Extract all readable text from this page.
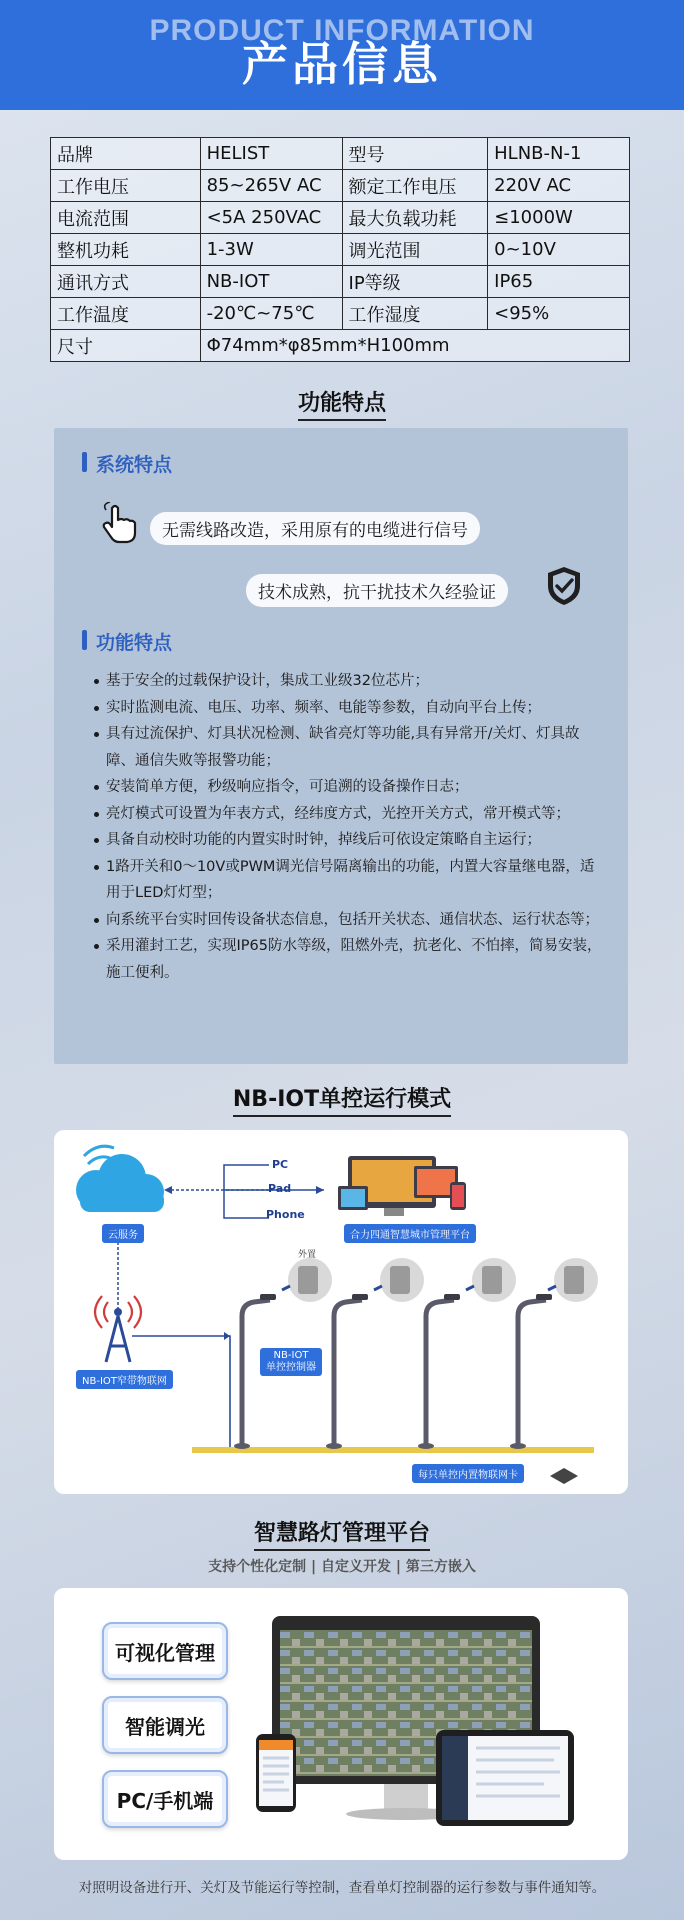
PRODUCT INFORMATION
产品信息
品牌	HELIST	型号	HLNB-N-1
工作电压	85~265V AC	额定工作电压	220V AC
电流范围	<5A 250VAC	最大负载功耗	≤1000W
整机功耗	1-3W	调光范围	0~10V
通讯方式	NB-IOT	IP等级	IP65
工作温度	-20℃~75℃	工作湿度	<95%
尺寸	Φ74mm*φ85mm*H100mm		
功能特点
系统特点
无需线路改造，采用原有的电缆进行信号
技术成熟，抗干扰技术久经验证
功能特点
基于安全的过载保护设计，集成工业级32位芯片；
实时监测电流、电压、功率、频率、电能等参数，自动向平台上传；
具有过流保护、灯具状况检测、缺省亮灯等功能,具有异常开/关灯、灯具故障、通信失败等报警功能；
安装简单方便，秒级响应指令，可追溯的设备操作日志；
亮灯模式可设置为年表方式，经纬度方式，光控开关方式，常开模式等；
具备自动校时功能的内置实时时钟，掉线后可依设定策略自主运行；
1路开关和0～10V或PWM调光信号隔离输出的功能，内置大容量继电器，适用于LED灯灯型；
向系统平台实时回传设备状态信息，包括开关状态、通信状态、运行状态等；
采用灌封工艺，实现IP65防水等级，阻燃外壳，抗老化、不怕摔，简易安装，施工便利。
NB-IOT单控运行模式
PC
Pad
Phone
云服务	合力四通智慧城市管理平台
NB-IOT窄带物联网
外置
NB-IOT
单控控制器
每只单控内置物联网卡
智慧路灯管理平台
支持个性化定制 | 自定义开发 | 第三方嵌入
可视化管理
智能调光
PC/手机端
对照明设备进行开、关灯及节能运行等控制，查看单灯控制器的运行参数与事件通知等。
